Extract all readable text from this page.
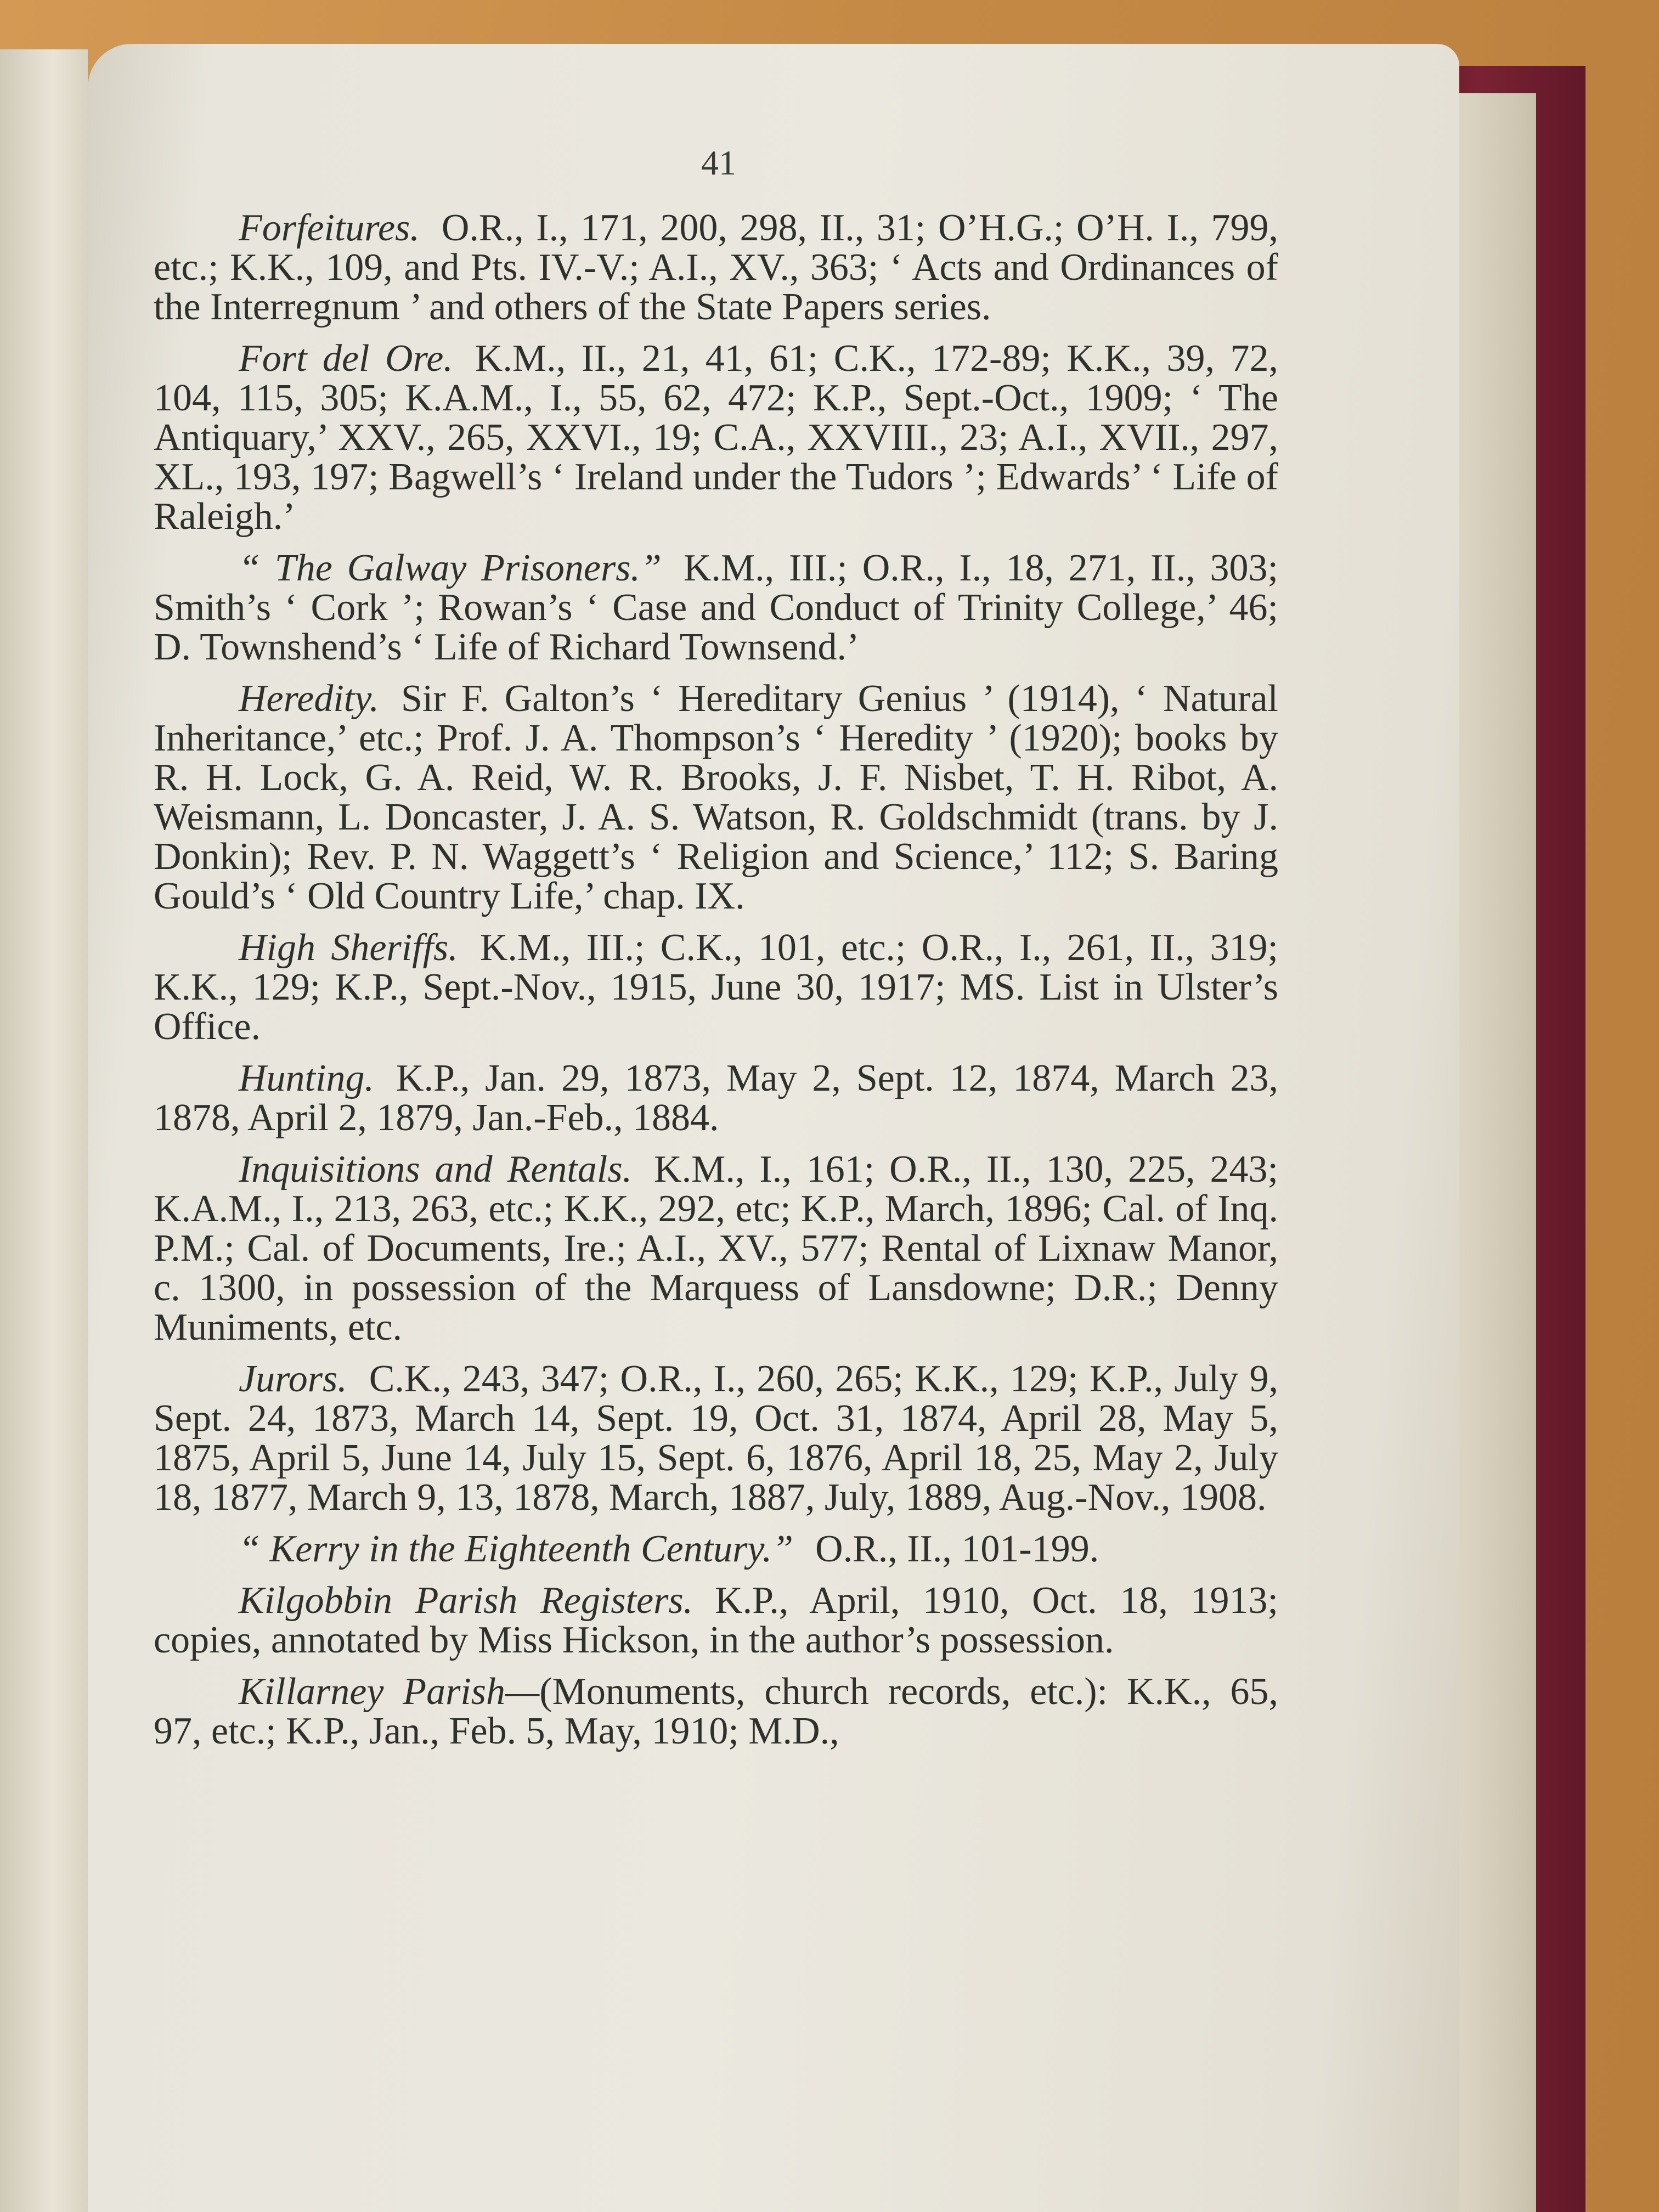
41

Forfeitures. O.R., I., 171, 200, 298, II., 31; O’H.G.; O’H. I., 799, etc.; K.K., 109, and Pts. IV.-V.; A.I., XV., 363; ‘ Acts and Ordinances of the Interregnum ’ and others of the State Papers series.

Fort del Ore. K.M., II., 21, 41, 61; C.K., 172-89; K.K., 39, 72, 104, 115, 305; K.A.M., I., 55, 62, 472; K.P., Sept.-Oct., 1909; ‘ The Antiquary,’ XXV., 265, XXVI., 19; C.A., XXVIII., 23; A.I., XVII., 297, XL., 193, 197; Bagwell’s ‘ Ireland under the Tudors ’; Edwards’ ‘ Life of Raleigh.’

“ The Galway Prisoners.” K.M., III.; O.R., I., 18, 271, II., 303; Smith’s ‘ Cork ’; Rowan’s ‘ Case and Conduct of Trinity College,’ 46; D. Townshend’s ‘ Life of Richard Townsend.’

Heredity. Sir F. Galton’s ‘ Hereditary Genius ’ (1914), ‘ Natural Inheritance,’ etc.; Prof. J. A. Thompson’s ‘ Heredity ’ (1920); books by R. H. Lock, G. A. Reid, W. R. Brooks, J. F. Nisbet, T. H. Ribot, A. Weismann, L. Doncaster, J. A. S. Watson, R. Goldschmidt (trans. by J. Donkin); Rev. P. N. Waggett’s ‘ Religion and Science,’ 112; S. Baring Gould’s ‘ Old Country Life,’ chap. IX.

High Sheriffs. K.M., III.; C.K., 101, etc.; O.R., I., 261, II., 319; K.K., 129; K.P., Sept.-Nov., 1915, June 30, 1917; MS. List in Ulster’s Office.

Hunting. K.P., Jan. 29, 1873, May 2, Sept. 12, 1874, March 23, 1878, April 2, 1879, Jan.-Feb., 1884.

Inquisitions and Rentals. K.M., I., 161; O.R., II., 130, 225, 243; K.A.M., I., 213, 263, etc.; K.K., 292, etc; K.P., March, 1896; Cal. of Inq. P.M.; Cal. of Documents, Ire.; A.I., XV., 577; Rental of Lixnaw Manor, c. 1300, in possession of the Marquess of Lansdowne; D.R.; Denny Muniments, etc.

Jurors. C.K., 243, 347; O.R., I., 260, 265; K.K., 129; K.P., July 9, Sept. 24, 1873, March 14, Sept. 19, Oct. 31, 1874, April 28, May 5, 1875, April 5, June 14, July 15, Sept. 6, 1876, April 18, 25, May 2, July 18, 1877, March 9, 13, 1878, March, 1887, July, 1889, Aug.-Nov., 1908.

“ Kerry in the Eighteenth Century.” O.R., II., 101-199.

Kilgobbin Parish Registers. K.P., April, 1910, Oct. 18, 1913; copies, annotated by Miss Hickson, in the author’s possession.

Killarney Parish—(Monuments, church records, etc.): K.K., 65, 97, etc.; K.P., Jan., Feb. 5, May, 1910; M.D.,
